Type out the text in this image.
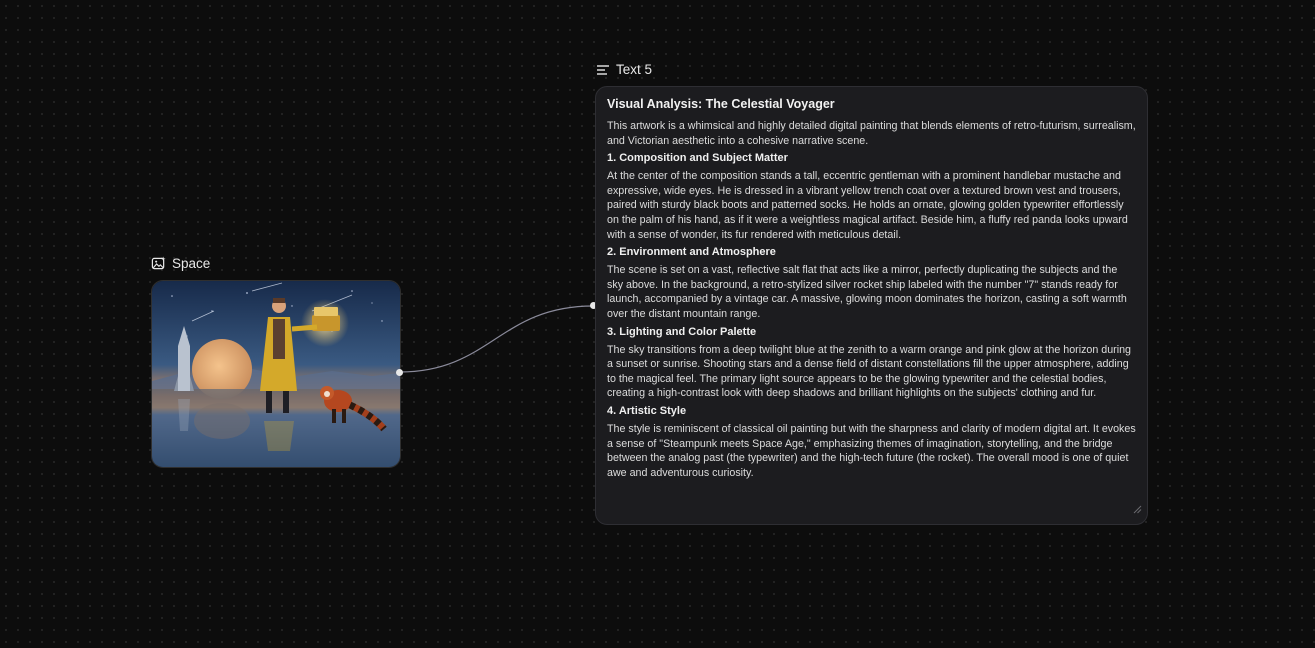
Space
Text 5
Visual Analysis: The Celestial Voyager

This artwork is a whimsical and highly detailed digital painting that blends elements of retro-futurism, surrealism, and Victorian aesthetic into a cohesive narrative scene.

1. Composition and Subject Matter

At the center of the composition stands a tall, eccentric gentleman with a prominent handlebar mustache and expressive, wide eyes. He is dressed in a vibrant yellow trench coat over a textured brown vest and trousers, paired with sturdy black boots and patterned socks. He holds an ornate, glowing golden typewriter effortlessly on the palm of his hand, as if it were a weightless magical artifact. Beside him, a fluffy red panda looks upward with a sense of wonder, its fur rendered with meticulous detail.

2. Environment and Atmosphere

The scene is set on a vast, reflective salt flat that acts like a mirror, perfectly duplicating the subjects and the sky above. In the background, a retro-stylized silver rocket ship labeled with the number "7" stands ready for launch, accompanied by a vintage car. A massive, glowing moon dominates the horizon, casting a soft warmth over the distant mountain range.

3. Lighting and Color Palette

The sky transitions from a deep twilight blue at the zenith to a warm orange and pink glow at the horizon during a sunset or sunrise. Shooting stars and a dense field of distant constellations fill the upper atmosphere, adding to the magical feel. The primary light source appears to be the glowing typewriter and the celestial bodies, creating a high-contrast look with deep shadows and brilliant highlights on the subjects' clothing and fur.

4. Artistic Style

The style is reminiscent of classical oil painting but with the sharpness and clarity of modern digital art. It evokes a sense of "Steampunk meets Space Age," emphasizing themes of imagination, storytelling, and the bridge between the analog past (the typewriter) and the high-tech future (the rocket). The overall mood is one of quiet awe and adventurous curiosity.
